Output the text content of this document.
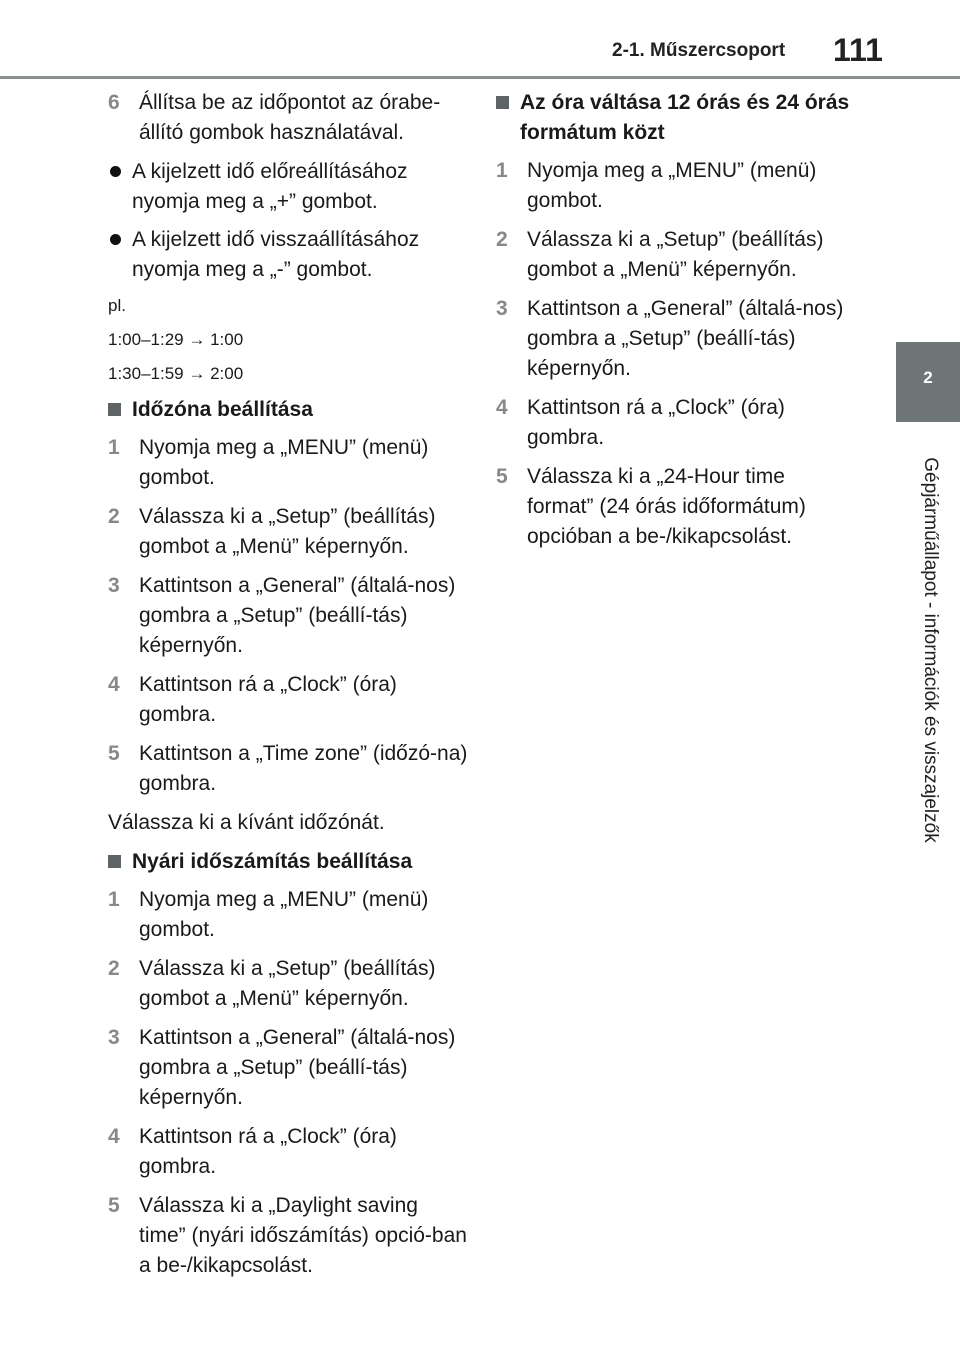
2-1. Műszercsoport 111
2
Gépjárműállapot - információk és visszajelzők
6 Állítsa be az időpontot az órabe-állító gombok használatával.
A kijelzett idő előreállításához nyomja meg a „+” gombot.
A kijelzett idő visszaállításához nyomja meg a „-” gombot.
pl.
1:00–1:29 → 1:00
1:30–1:59 → 2:00
Időzóna beállítása
1 Nyomja meg a „MENU” (menü) gombot.
2 Válassza ki a „Setup” (beállítás) gombot a „Menü” képernyőn.
3 Kattintson a „General” (általá-nos) gombra a „Setup” (beállí-tás) képernyőn.
4 Kattintson rá a „Clock” (óra) gombra.
5 Kattintson a „Time zone” (időzó-na) gombra.
Válassza ki a kívánt időzónát.
Nyári időszámítás beállítása
1 Nyomja meg a „MENU” (menü) gombot.
2 Válassza ki a „Setup” (beállítás) gombot a „Menü” képernyőn.
3 Kattintson a „General” (általá-nos) gombra a „Setup” (beállí-tás) képernyőn.
4 Kattintson rá a „Clock” (óra) gombra.
5 Válassza ki a „Daylight saving time” (nyári időszámítás) opció-ban a be-/kikapcsolást.
Az óra váltása 12 órás és 24 órás formátum közt
1 Nyomja meg a „MENU” (menü) gombot.
2 Válassza ki a „Setup” (beállítás) gombot a „Menü” képernyőn.
3 Kattintson a „General” (általá-nos) gombra a „Setup” (beállí-tás) képernyőn.
4 Kattintson rá a „Clock” (óra) gombra.
5 Válassza ki a „24-Hour time format” (24 órás időformátum) opcióban a be-/kikapcsolást.
